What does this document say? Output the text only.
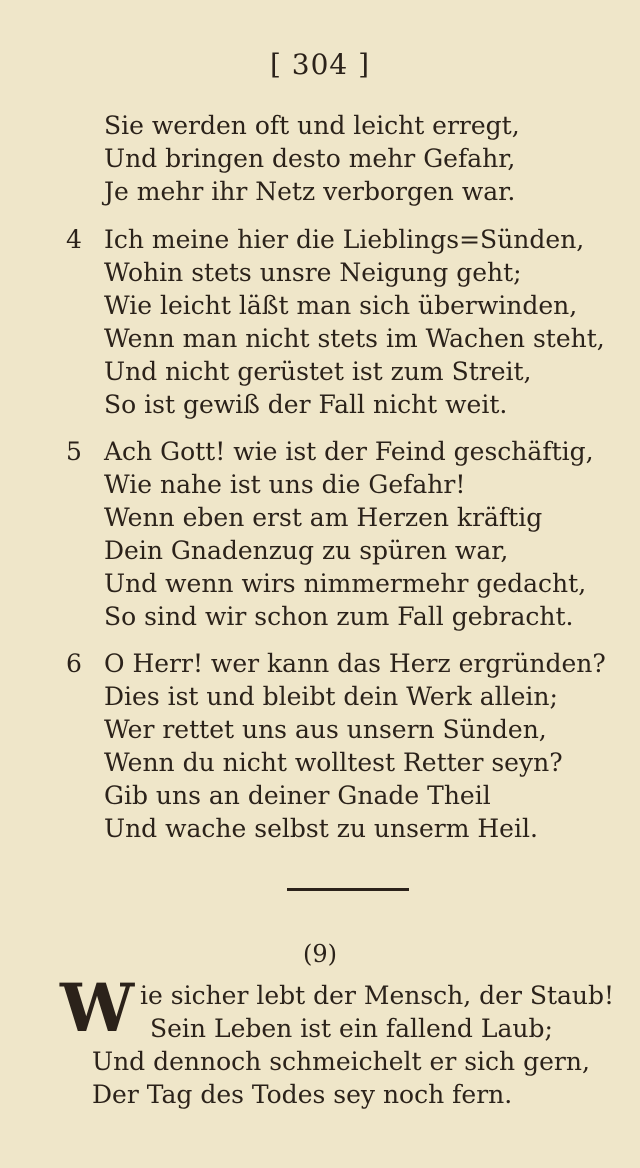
[ 304 ]
Sie werden oft und leicht erregt,
Und bringen desto mehr Gefahr,
Je mehr ihr Netz verborgen war.
4 Ich meine hier die Lieblings=Sünden,
Wohin stets unsre Neigung geht;
Wie leicht läßt man sich überwinden,
Wenn man nicht stets im Wachen steht,
Und nicht gerüstet ist zum Streit,
So ist gewiß der Fall nicht weit.
5 Ach Gott! wie ist der Feind geschäftig,
Wie nahe ist uns die Gefahr!
Wenn eben erst am Herzen kräftig
Dein Gnadenzug zu spüren war,
Und wenn wirs nimmermehr gedacht,
So sind wir schon zum Fall gebracht.
6 O Herr! wer kann das Herz ergründen?
Dies ist und bleibt dein Werk allein;
Wer rettet uns aus unsern Sünden,
Wenn du nicht wolltest Retter seyn?
Gib uns an deiner Gnade Theil
Und wache selbst zu unserm Heil.
(9)
W ie sicher lebt der Mensch, der Staub!
Sein Leben ist ein fallend Laub;
Und dennoch schmeichelt er sich gern,
Der Tag des Todes sey noch fern.
